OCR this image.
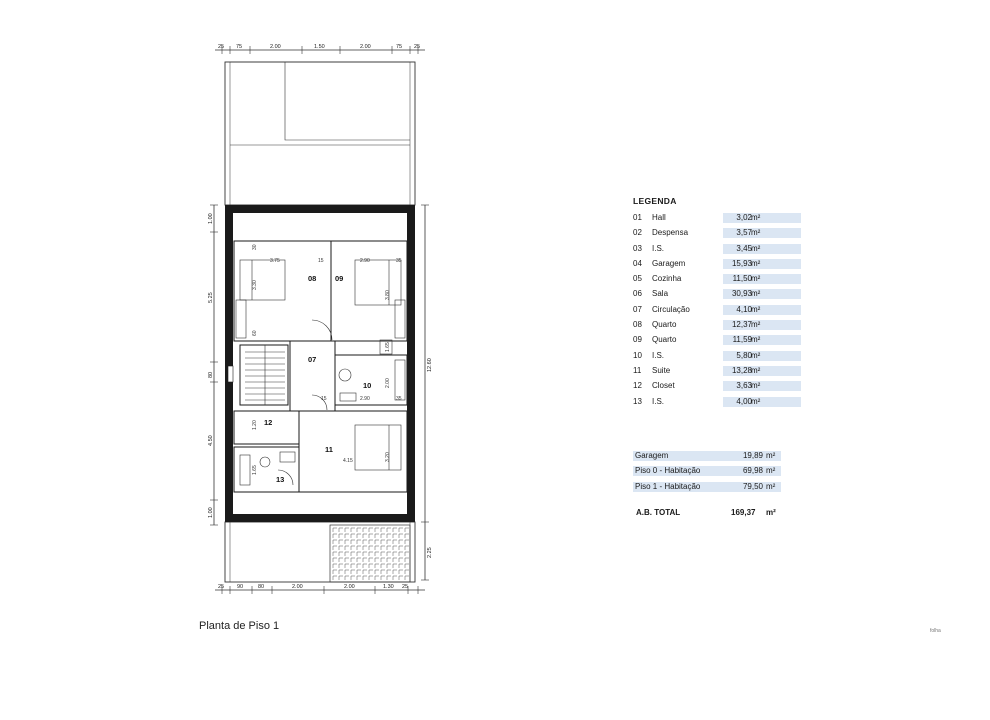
25 75	2.00	1.50	2.00	75 25
25 90	80	2.00	2.00	1.30 25
1.00
5.25
80
4.50
1.00
12.60
2.25
3.75	15	2.90	35
3.30
3.80
2.90
4.15	3.20
1.65
2.00
15	35
60
1.20
1.65
30
08 09
07
10
12
11
13
Planta de Piso 1	folha
LEGENDA
01 Hall	3,02 m²
02 Despensa	3,57 m²
03 I.S.	3,45 m²
04 Garagem	15,93 m²
05 Cozinha	11,50 m²
06 Sala	30,93 m²
07 Circulação	4,10 m²
08 Quarto	12,37 m²
09 Quarto	11,59 m²
10 I.S.	5,80 m²
11 Suite	13,28 m²
12 Closet	3,63 m²
13 I.S.	4,00 m²
Garagem	19,89 m²
Piso 0 - Habitação	69,98 m²
Piso 1 - Habitação	79,50 m²
A.B. TOTAL	169,37 m²
